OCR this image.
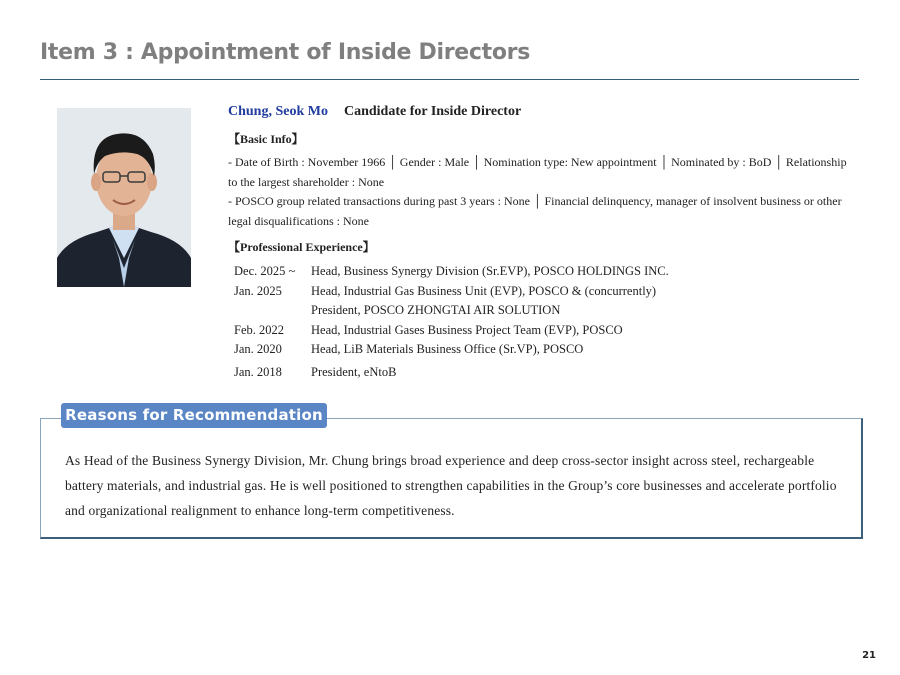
Item 3 : Appointment of Inside Directors
Chung, Seok Mo Candidate for Inside Director
【Basic Info】

- Date of Birth : November 1966 │ Gender : Male │ Nomination type: New appointment │ Nominated by : BoD │ Relationship to the largest shareholder : None

- POSCO group related transactions during past 3 years : None │ Financial delinquency, manager of insolvent business or other legal disqualifications : None

【Professional Experience】
Dec. 2025 ~ Head, Business Synergy Division (Sr.EVP), POSCO HOLDINGS INC.
Jan. 2025 Head, Industrial Gas Business Unit (EVP), POSCO & (concurrently)
President, POSCO ZHONGTAI AIR SOLUTION
Feb. 2022 Head, Industrial Gases Business Project Team (EVP), POSCO
Jan. 2020 Head, LiB Materials Business Office (Sr.VP), POSCO
Jan. 2018 President, eNtoB
Reasons for Recommendation
As Head of the Business Synergy Division, Mr. Chung brings broad experience and deep cross-sector insight across steel, rechargeable battery materials, and industrial gas. He is well positioned to strengthen capabilities in the Group’s core businesses and accelerate portfolio and organizational realignment to enhance long-term competitiveness.
21
